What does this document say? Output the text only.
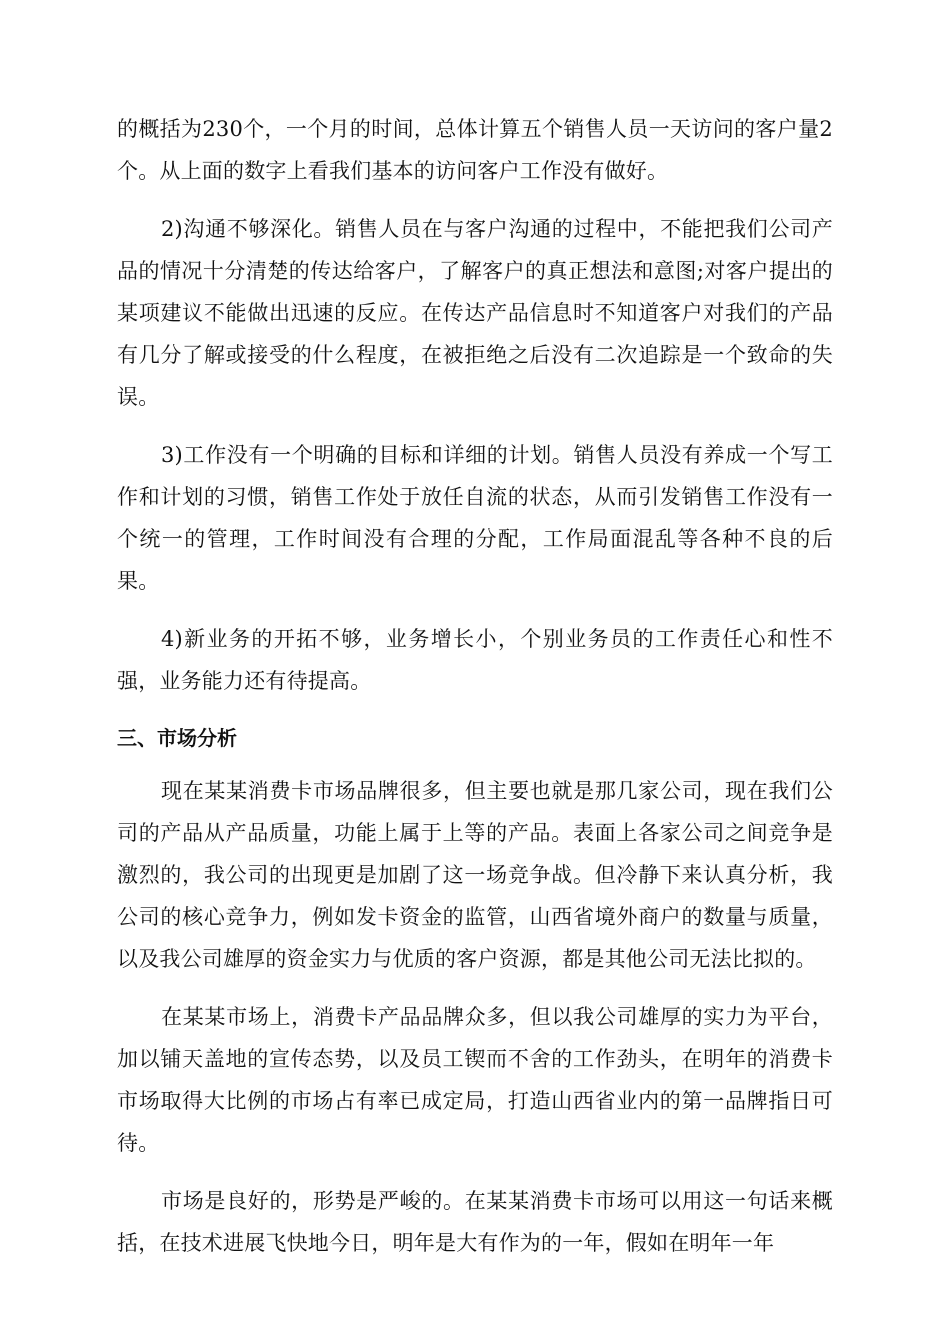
的概括为230个，一个月的时间，总体计算五个销售人员一天访问的客户量2个。从上面的数字上看我们基本的访问客户工作没有做好。

2)沟通不够深化。销售人员在与客户沟通的过程中，不能把我们公司产品的情况十分清楚的传达给客户，了解客户的真正想法和意图;对客户提出的某项建议不能做出迅速的反应。在传达产品信息时不知道客户对我们的产品有几分了解或接受的什么程度，在被拒绝之后没有二次追踪是一个致命的失误。

3)工作没有一个明确的目标和详细的计划。销售人员没有养成一个写工作和计划的习惯，销售工作处于放任自流的状态，从而引发销售工作没有一个统一的管理，工作时间没有合理的分配，工作局面混乱等各种不良的后果。

4)新业务的开拓不够，业务增长小，个别业务员的工作责任心和性不强，业务能力还有待提高。

三、市场分析

现在某某消费卡市场品牌很多，但主要也就是那几家公司，现在我们公司的产品从产品质量，功能上属于上等的产品。表面上各家公司之间竞争是激烈的，我公司的出现更是加剧了这一场竞争战。但冷静下来认真分析，我公司的核心竞争力，例如发卡资金的监管，山西省境外商户的数量与质量，以及我公司雄厚的资金实力与优质的客户资源，都是其他公司无法比拟的。

在某某市场上，消费卡产品品牌众多，但以我公司雄厚的实力为平台，加以铺天盖地的宣传态势，以及员工锲而不舍的工作劲头，在明年的消费卡市场取得大比例的市场占有率已成定局，打造山西省业内的第一品牌指日可待。

市场是良好的，形势是严峻的。在某某消费卡市场可以用这一句话来概括，在技术进展飞快地今日，明年是大有作为的一年，假如在明年一年
